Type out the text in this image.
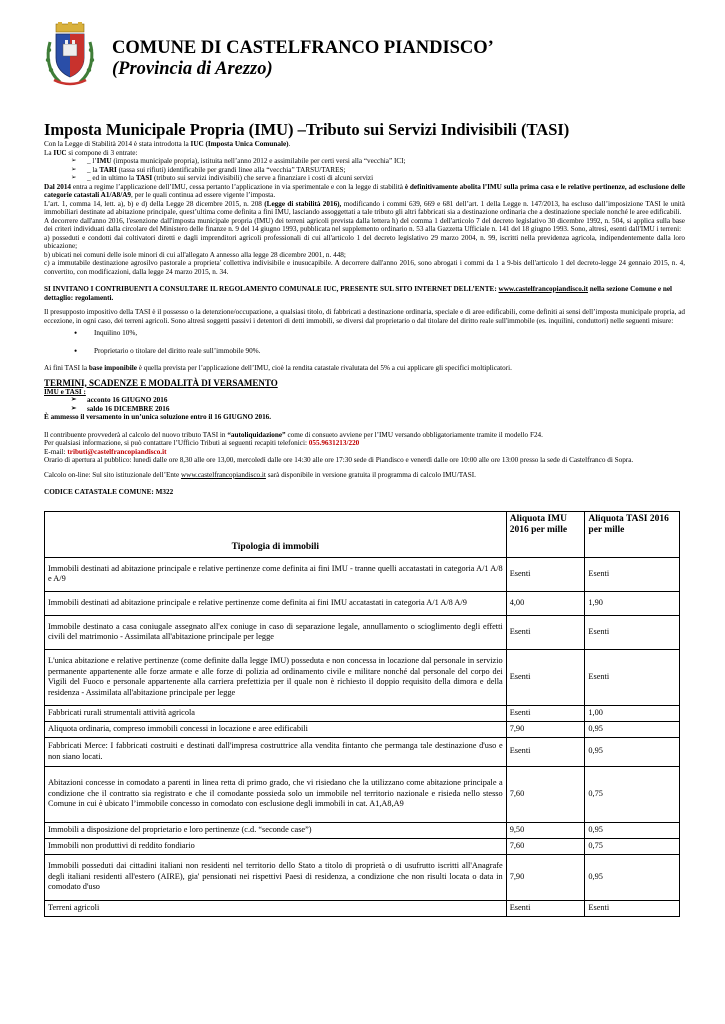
COMUNE DI CASTELFRANCO PIANDISCO’
(Provincia di Arezzo)
Imposta Municipale Propria (IMU) –Tributo sui Servizi Indivisibili (TASI)

Con la Legge di Stabilità 2014 è stata introdotta la IUC (Imposta Unica Comunale).

La IUC si compone di 3 entrate:

➢ _ l’IMU (imposta municipale propria), istituita nell’anno 2012 e assimilabile per certi versi alla “vecchia” ICI;
➢ _ la TARI (tassa sui rifiuti) identificabile per grandi linee alla “vecchia” TARSU/TARES;
➢ _ ed in ultimo la TASI (tributo sui servizi indivisibili) che serve a finanziare i costi di alcuni servizi

Dal 2014 entra a regime l’applicazione dell’IMU, cessa pertanto l’applicazione in via sperimentale e con la legge di stabilità è definitivamente abolita l’IMU sulla prima casa e le relative pertinenze, ad esclusione delle categorie catastali A1/A8/A9, per le quali continua ad essere vigente l’imposta.

L’art. 1, comma 14, lett. a), b) e d) della Legge 28 dicembre 2015, n. 208 (Legge di stabilità 2016), modificando i commi 639, 669 e 681 dell’art. 1 della Legge n. 147/2013, ha escluso dall’imposizione TASI le unità immobiliari destinate ad abitazione principale, quest’ultima come definita a fini IMU, lasciando assoggettati a tale tributo gli altri fabbricati sia a destinazione ordinaria che a destinazione speciale nonché le aree edificabili.

A decorrere dall'anno 2016, l'esenzione dall'imposta municipale propria (IMU) dei terreni agricoli prevista dalla lettera h) del comma 1 dell'articolo 7 del decreto legislativo 30 dicembre 1992, n. 504, si applica sulla base dei criteri individuati dalla circolare del Ministero delle finanze n. 9 del 14 giugno 1993, pubblicata nel supplemento ordinario n. 53 alla Gazzetta Ufficiale n. 141 del 18 giugno 1993. Sono, altresì, esenti dall'IMU i terreni:

a) posseduti e condotti dai coltivatori diretti e dagli imprenditori agricoli professionali di cui all'articolo 1 del decreto legislativo 29 marzo 2004, n. 99, iscritti nella previdenza agricola, indipendentemente dalla loro ubicazione;

b) ubicati nei comuni delle isole minori di cui all'allegato A annesso alla legge 28 dicembre 2001, n. 448;

c) a immutabile destinazione agrosilvo pastorale a proprieta' collettiva indivisibile e inusucapibile. A decorrere dall'anno 2016, sono abrogati i commi da 1 a 9-bis dell'articolo 1 del decreto-legge 24 gennaio 2015, n. 4, convertito, con modificazioni, dalla legge 24 marzo 2015, n. 34.

SI INVITANO I CONTRIBUENTI A CONSULTARE IL REGOLAMENTO COMUNALE IUC, PRESENTE SUL SITO INTERNET DELL’ENTE: www.castelfrancopiandisco.it nella sezione Comune e nel dettaglio: regolamenti.

Il presupposto impositivo della TASI è il possesso o la detenzione/occupazione, a qualsiasi titolo, di fabbricati a destinazione ordinaria, speciale e di aree edificabili, come definiti ai sensi dell’imposta municipale propria, ad eccezione, in ogni caso, dei terreni agricoli. Sono altresì soggetti passivi i detentori di detti immobili, se diversi dal proprietario o dal titolare del diritto reale sull'immobile (es. inquilini, conduttori) nelle seguenti misure:

• Inquilino 10%,
• Proprietario o titolare del diritto reale sull’immobile 90%.

Ai fini TASI la base imponibile è quella prevista per l’applicazione dell’IMU, cioè la rendita catastale rivalutata del 5% a cui applicare gli specifici moltiplicatori.

TERMINI, SCADENZE E MODALITÀ DI VERSAMENTO

IMU e TASI :

➢ acconto 16 GIUGNO 2016
➢ saldo 16 DICEMBRE 2016

È ammesso il versamento in un’unica soluzione entro il 16 GIUGNO 2016.

Il contribuente provvederà al calcolo del nuovo tributo TASI in “autoliquidazione” come di consueto avviene per l’IMU versando obbligatoriamente tramite il modello F24.

Per qualsiasi informazione, si può contattare l’Ufficio Tributi ai seguenti recapiti telefonici: 055.9631213/220

E-mail: tributi@castelfrancopiandisco.it

Orario di apertura al pubblico: lunedì dalle ore 8,30 alle ore 13,00, mercoledì dalle ore 14:30 alle ore 17:30 sede di Piandisco e venerdì dalle ore 10:00 alle ore 13:00 presso la sede di Castelfranco di Sopra.

Calcolo on-line: Sul sito istituzionale dell’Ente www.castelfrancopiandisco.it sarà disponibile in versione gratuita il programma di calcolo IMU/TASI.

CODICE CATASTALE COMUNE: M322

Tipologia di immobili	Aliquota IMU 2016 per mille	Aliquota TASI 2016 per mille
Immobili destinati ad abitazione principale e relative pertinenze come definita ai fini IMU - tranne quelli accatastati in categoria A/1 A/8 e A/9	Esenti	Esenti
Immobili destinati ad abitazione principale e relative pertinenze come definita ai fini IMU accatastati in categoria A/1 A/8 A/9	4,00	1,90
Immobile destinato a casa coniugale assegnato all'ex coniuge in caso di separazione legale, annullamento o scioglimento degli effetti civili del matrimonio - Assimilata all'abitazione principale per legge	Esenti	Esenti
L'unica abitazione e relative pertinenze (come definite dalla legge IMU) posseduta e non concessa in locazione dal personale in servizio permanente appartenente alle forze armate e alle forze di polizia ad ordinamento civile e militare nonché dal personale del corpo dei Vigili del Fuoco e personale appartenente alla carriera prefettizia per il quale non è richiesto il doppio requisito della dimora e della residenza - Assimilata all'abitazione principale per legge	Esenti	Esenti
Fabbricati rurali strumentali attività agricola	Esenti	1,00
Aliquota ordinaria, compreso immobili concessi in locazione e aree edificabili	7,90	0,95
Fabbricati Merce: I fabbricati costruiti e destinati dall'impresa costruttrice alla vendita fintanto che permanga tale destinazione d'uso e non siano locati.	Esenti	0,95
Abitazioni concesse in comodato a parenti in linea retta di primo grado, che vi risiedano che la utilizzano come abitazione principale a condizione che il contratto sia registrato e che il comodante possieda solo un immobile nel territorio nazionale e risieda nello stesso Comune in cui è ubicato l’immobile concesso in comodato con esclusione degli immobili in cat. A1,A8,A9	7,60	0,75
Immobili a disposizione del proprietario e loro pertinenze (c.d. “seconde case”)	9,50	0,95
Immobili non produttivi di reddito fondiario	7,60	0,75
Immobili posseduti dai cittadini italiani non residenti nel territorio dello Stato a titolo di proprietà o di usufrutto iscritti all'Anagrafe degli italiani residenti all'estero (AIRE), gia' pensionati nei rispettivi Paesi di residenza, a condizione che non risulti locata o data in comodato d'uso	7,90	0,95
Terreni agricoli	Esenti	Esenti
